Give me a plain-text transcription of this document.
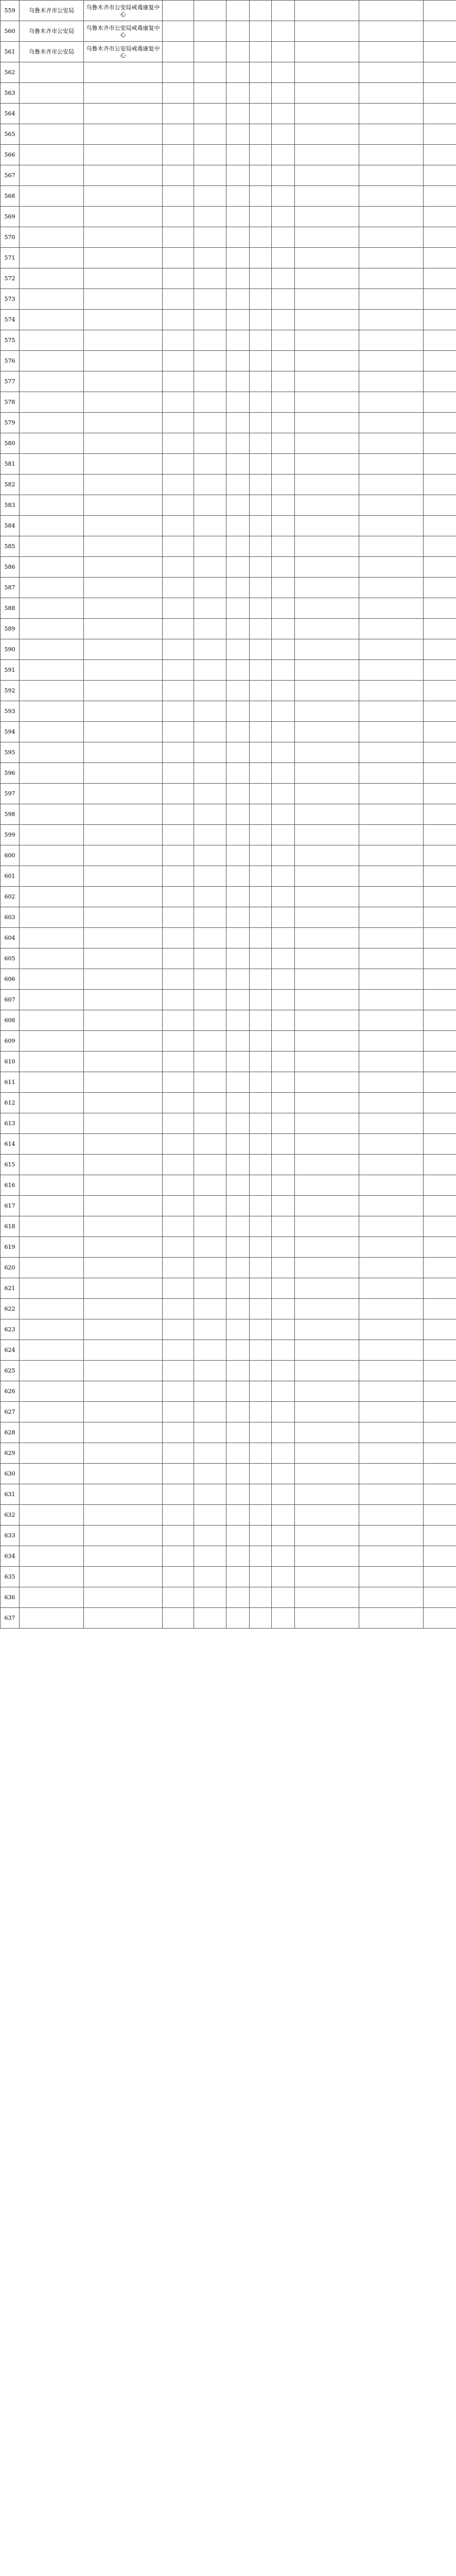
559	乌鲁木齐市公安局	乌鲁木齐市公安局戒毒康复中心								
560	乌鲁木齐市公安局	乌鲁木齐市公安局戒毒康复中心								
561	乌鲁木齐市公安局	乌鲁木齐市公安局戒毒康复中心								
562										
563										
564										
565										
566										
567										
568										
569										
570										
571										
572										
573										
574										
575										
576										
577										
578										
579										
580										
581										
582										
583										
584										
585										
586										
587										
588										
589										
590										
591										
592										
593										
594										
595										
596										
597										
598										
599										
600										
601										
602										
603										
604										
605										
606										
607										
608										
609										
610										
611										
612										
613										
614										
615										
616										
617										
618										
619										
620										
621										
622										
623										
624										
625										
626										
627										
628										
629										
630										
631										
632										
633										
634										
635										
636										
637										
